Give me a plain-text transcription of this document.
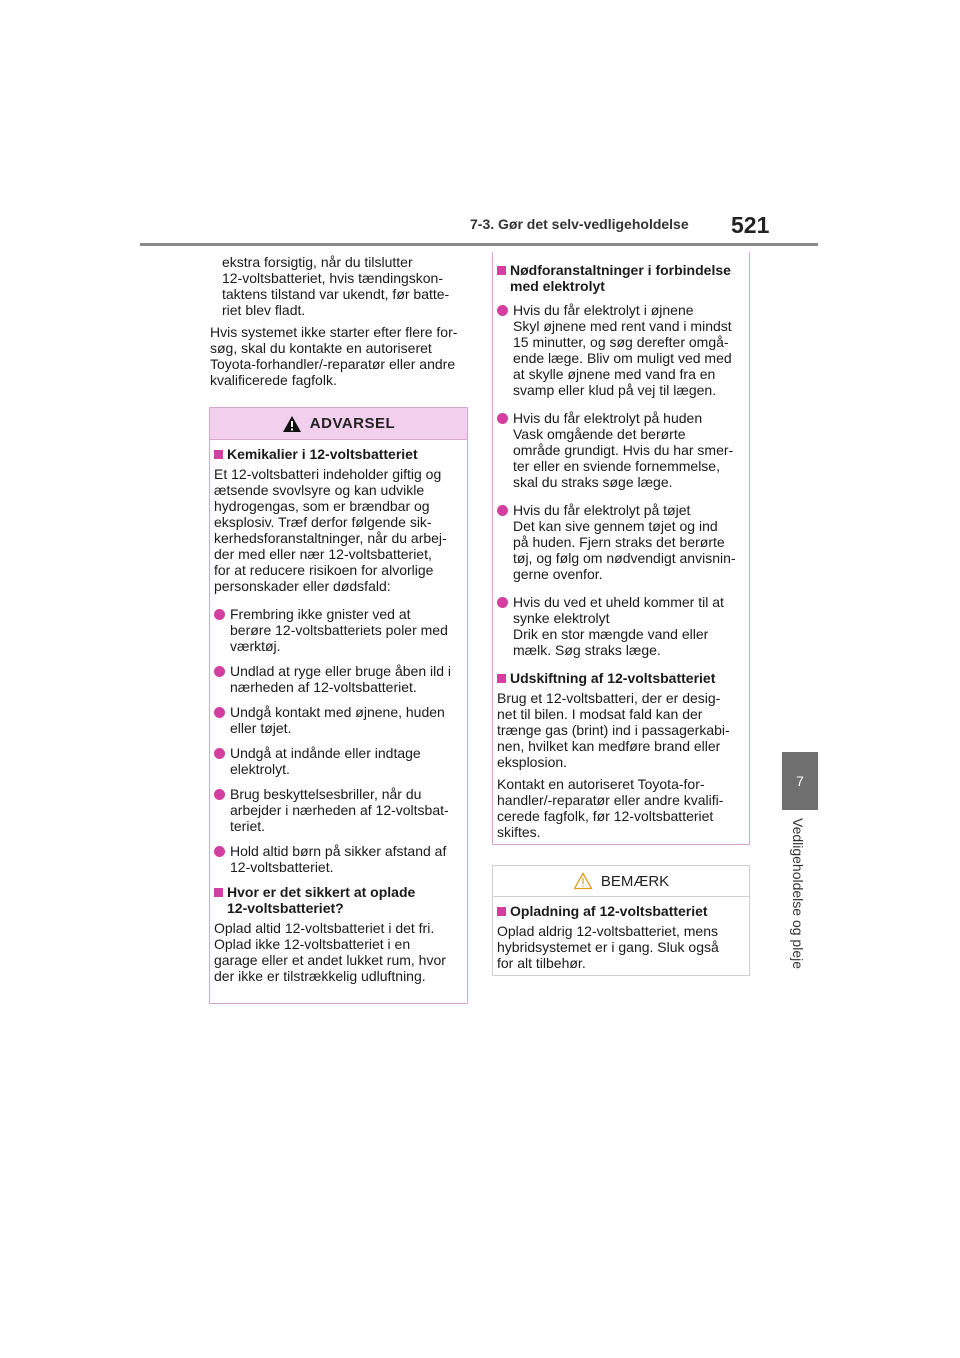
7-3. Gør det selv-vedligeholdelse 521
7
Vedligeholdelse og pleje
ekstra forsigtig, når du tilslutter
12-voltsbatteriet, hvis tændingskon-
taktens tilstand var ukendt, før batte-
riet blev fladt.
Hvis systemet ikke starter efter flere for-
søg, skal du kontakte en autoriseret
Toyota-forhandler/-reparatør eller andre
kvalificerede fagfolk.
ADVARSEL
Kemikalier i 12-voltsbatteriet
Et 12-voltsbatteri indeholder giftig og
ætsende svovlsyre og kan udvikle
hydrogengas, som er brændbar og
eksplosiv. Træf derfor følgende sik-
kerhedsforanstaltninger, når du arbej-
der med eller nær 12-voltsbatteriet,
for at reducere risikoen for alvorlige
personskader eller dødsfald:
Frembring ikke gnister ved at
berøre 12-voltsbatteriets poler med
værktøj.
Undlad at ryge eller bruge åben ild i
nærheden af 12-voltsbatteriet.
Undgå kontakt med øjnene, huden
eller tøjet.
Undgå at indånde eller indtage
elektrolyt.
Brug beskyttelsesbriller, når du
arbejder i nærheden af 12-voltsbat-
teriet.
Hold altid børn på sikker afstand af
12-voltsbatteriet.
Hvor er det sikkert at oplade
12-voltsbatteriet?
Oplad altid 12-voltsbatteriet i det fri.
Oplad ikke 12-voltsbatteriet i en
garage eller et andet lukket rum, hvor
der ikke er tilstrækkelig udluftning.
Nødforanstaltninger i forbindelse
med elektrolyt
Hvis du får elektrolyt i øjnene
Skyl øjnene med rent vand i mindst
15 minutter, og søg derefter omgå-
ende læge. Bliv om muligt ved med
at skylle øjnene med vand fra en
svamp eller klud på vej til lægen.
Hvis du får elektrolyt på huden
Vask omgående det berørte
område grundigt. Hvis du har smer-
ter eller en sviende fornemmelse,
skal du straks søge læge.
Hvis du får elektrolyt på tøjet
Det kan sive gennem tøjet og ind
på huden. Fjern straks det berørte
tøj, og følg om nødvendigt anvisnin-
gerne ovenfor.
Hvis du ved et uheld kommer til at
synke elektrolyt
Drik en stor mængde vand eller
mælk. Søg straks læge.
Udskiftning af 12-voltsbatteriet
Brug et 12-voltsbatteri, der er desig-
net til bilen. I modsat fald kan der
trænge gas (brint) ind i passagerkabi-
nen, hvilket kan medføre brand eller
eksplosion.
Kontakt en autoriseret Toyota-for-
handler/-reparatør eller andre kvalifi-
cerede fagfolk, før 12-voltsbatteriet
skiftes.
BEMÆRK
Opladning af 12-voltsbatteriet
Oplad aldrig 12-voltsbatteriet, mens
hybridsystemet er i gang. Sluk også
for alt tilbehør.
